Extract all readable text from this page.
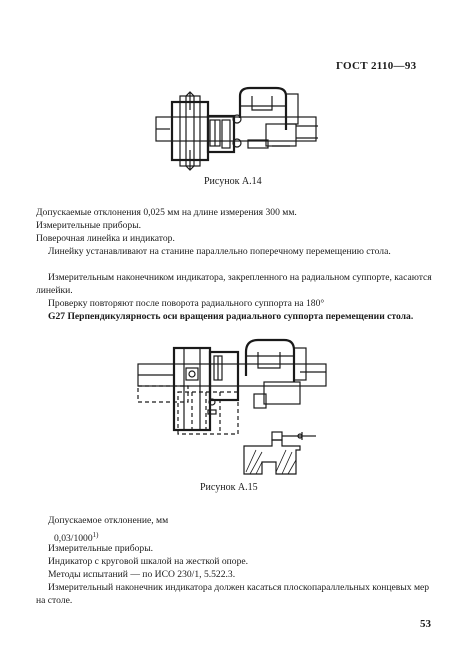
ГОСТ 2110—93
Рисунок А.14
Допускаемые отклонения 0,025 мм на длине измерения 300 мм.
Измерительные приборы.
Поверочная линейка и индикатор.
Линейку устанавливают на станине параллельно поперечному перемещению стола.
Измерительным наконечником индикатора, закрепленного на радиальном суппорте, касаются линейки.
Проверку повторяют после поворота радиального суппорта на 180°
G27 Перпендикулярность оси вращения радиального суппорта перемещении стола.
Рисунок А.15
Допускаемое отклонение, мм
0,03/1000$^{1)}$
Измерительные приборы.
Индикатор с круговой шкалой на жесткой опоре.
Методы испытаний — по ИСО 230/1, 5.522.3.
Измерительный наконечник индикатора должен касаться плоскопараллельных концевых мер на столе.
53
